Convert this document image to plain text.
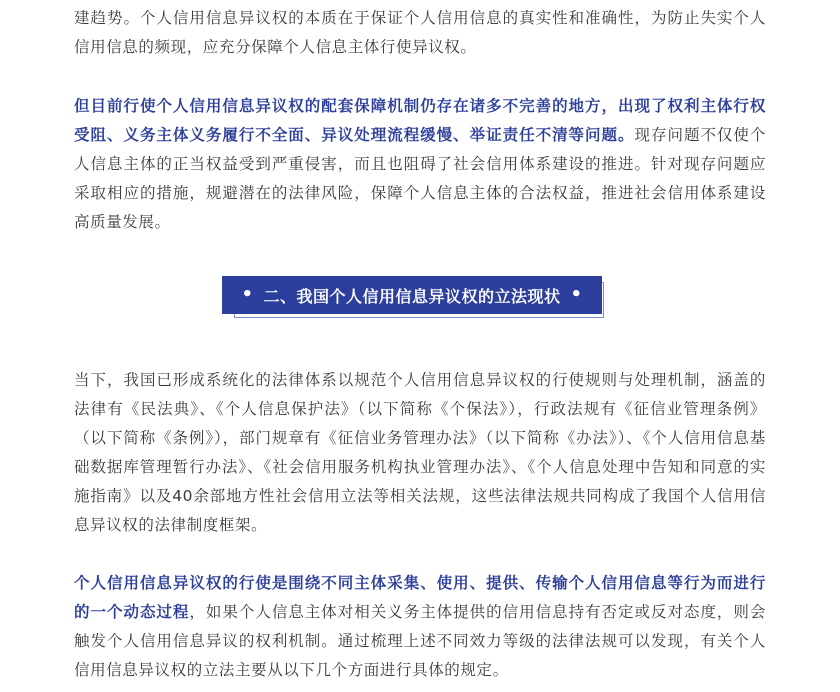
建趋势。个人信用信息异议权的本质在于保证个人信用信息的真实性和准确性，为防止失实个人信用信息的频现，应充分保障个人信息主体行使异议权。

但目前行使个人信用信息异议权的配套保障机制仍存在诸多不完善的地方，出现了权利主体行权受阻、义务主体义务履行不全面、异议处理流程缓慢、举证责任不清等问题。现存问题不仅使个人信息主体的正当权益受到严重侵害，而且也阻碍了社会信用体系建设的推进。针对现存问题应采取相应的措施，规避潜在的法律风险，保障个人信息主体的合法权益，推进社会信用体系建设高质量发展。

• 二、我国个人信用信息异议权的立法现状 •

当下，我国已形成系统化的法律体系以规范个人信用信息异议权的行使规则与处理机制，涵盖的法律有《民法典》、《个人信息保护法》（以下简称《个保法》），行政法规有《征信业管理条例》（以下简称《条例》），部门规章有《征信业务管理办法》（以下简称《办法》）、《个人信用信息基础数据库管理暂行办法》、《社会信用服务机构执业管理办法》、《个人信息处理中告知和同意的实施指南》以及40余部地方性社会信用立法等相关法规，这些法律法规共同构成了我国个人信用信息异议权的法律制度框架。

个人信用信息异议权的行使是围绕不同主体采集、使用、提供、传输个人信用信息等行为而进行的一个动态过程，如果个人信息主体对相关义务主体提供的信用信息持有否定或反对态度，则会触发个人信用信息异议的权利机制。通过梳理上述不同效力等级的法律法规可以发现，有关个人信用信息异议权的立法主要从以下几个方面进行具体的规定。
